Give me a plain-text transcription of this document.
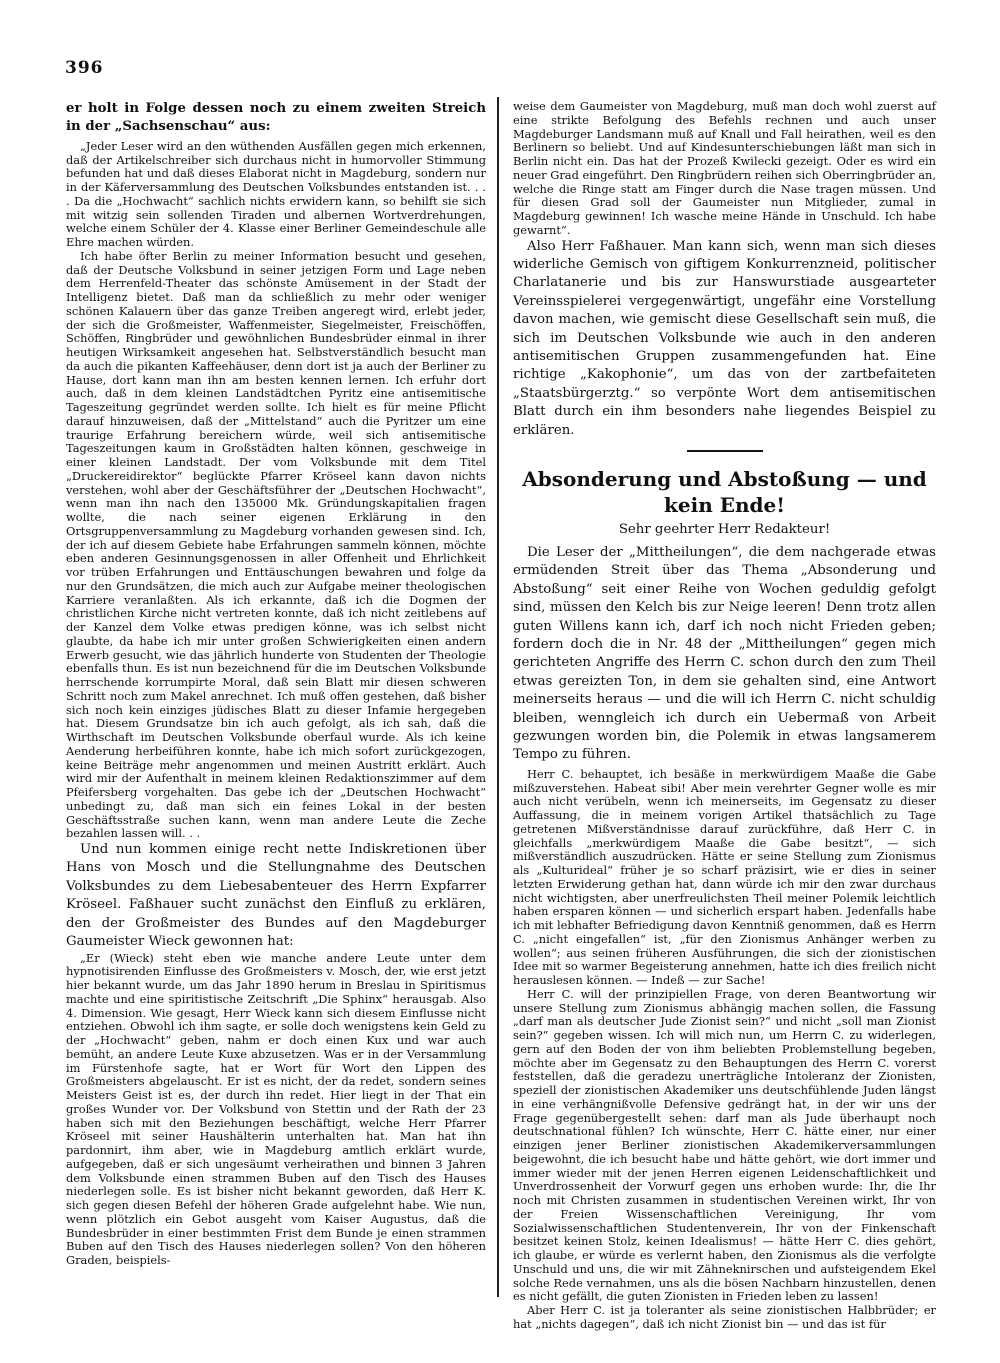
396

er holt in Folge dessen noch zu einem zweiten Streich in der „Sachsenschau“ aus:

„Jeder Leser wird an den wüthenden Ausfällen gegen mich erkennen, daß der Artikelschreiber sich durchaus nicht in humorvoller Stimmung befunden hat und daß dieses Elaborat nicht in Magdeburg, sondern nur in der Käferversammlung des Deutschen Volksbundes entstanden ist. . . . Da die „Hochwacht“ sachlich nichts erwidern kann, so behilft sie sich mit witzig sein sollenden Tiraden und albernen Wortverdrehungen, welche einem Schüler der 4. Klasse einer Berliner Gemeindeschule alle Ehre machen würden.

Ich habe öfter Berlin zu meiner Information besucht und gesehen, daß der Deutsche Volksbund in seiner jetzigen Form und Lage neben dem Herrenfeld-Theater das schönste Amüsement in der Stadt der Intelligenz bietet. Daß man da schließlich zu mehr oder weniger schönen Kalauern über das ganze Treiben angeregt wird, erlebt jeder, der sich die Großmeister, Waffenmeister, Siegelmeister, Freischöffen, Schöffen, Ringbrüder und gewöhnlichen Bundesbrüder einmal in ihrer heutigen Wirksamkeit angesehen hat. Selbstverständlich besucht man da auch die pikanten Kaffeehäuser, denn dort ist ja auch der Berliner zu Hause, dort kann man ihn am besten kennen lernen. Ich erfuhr dort auch, daß in dem kleinen Landstädtchen Pyritz eine antisemitische Tageszeitung gegründet werden sollte. Ich hielt es für meine Pflicht darauf hinzuweisen, daß der „Mittelstand“ auch die Pyritzer um eine traurige Erfahrung bereichern würde, weil sich antisemitische Tageszeitungen kaum in Großstädten halten können, geschweige in einer kleinen Landstadt. Der vom Volksbunde mit dem Titel „Druckereidirektor“ beglückte Pfarrer Kröseel kann davon nichts verstehen, wohl aber der Geschäftsführer der „Deutschen Hochwacht“, wenn man ihn nach den 135000 Mk. Gründungskapitalien fragen wollte, die nach seiner eigenen Erklärung in den Ortsgruppenversammlung zu Magdeburg vorhanden gewesen sind. Ich, der ich auf diesem Gebiete habe Erfahrungen sammeln können, möchte eben anderen Gesinnungsgenossen in aller Offenheit und Ehrlichkeit vor trüben Erfahrungen und Enttäuschungen bewahren und folge da nur den Grundsätzen, die mich auch zur Aufgabe meiner theologischen Karriere veranlaßten. Als ich erkannte, daß ich die Dogmen der christlichen Kirche nicht vertreten konnte, daß ich nicht zeitlebens auf der Kanzel dem Volke etwas predigen könne, was ich selbst nicht glaubte, da habe ich mir unter großen Schwierigkeiten einen andern Erwerb gesucht, wie das jährlich hunderte von Studenten der Theologie ebenfalls thun. Es ist nun bezeichnend für die im Deutschen Volksbunde herrschende korrumpirte Moral, daß sein Blatt mir diesen schweren Schritt noch zum Makel anrechnet. Ich muß offen gestehen, daß bisher sich noch kein einziges jüdisches Blatt zu dieser Infamie hergegeben hat. Diesem Grundsatze bin ich auch gefolgt, als ich sah, daß die Wirthschaft im Deutschen Volksbunde oberfaul wurde. Als ich keine Aenderung herbeiführen konnte, habe ich mich sofort zurückgezogen, keine Beiträge mehr angenommen und meinen Austritt erklärt. Auch wird mir der Aufenthalt in meinem kleinen Redaktionszimmer auf dem Pfeifersberg vorgehalten. Das gebe ich der „Deutschen Hochwacht“ unbedingt zu, daß man sich ein feines Lokal in der besten Geschäftsstraße suchen kann, wenn man andere Leute die Zeche bezahlen lassen will. . .

Und nun kommen einige recht nette Indiskretionen über Hans von Mosch und die Stellungnahme des Deutschen Volksbundes zu dem Liebesabenteuer des Herrn Expfarrer Kröseel. Faßhauer sucht zunächst den Einfluß zu erklären, den der Großmeister des Bundes auf den Magdeburger Gaumeister Wieck gewonnen hat:

„Er (Wieck) steht eben wie manche andere Leute unter dem hypnotisirenden Einflusse des Großmeisters v. Mosch, der, wie erst jetzt hier bekannt wurde, um das Jahr 1890 herum in Breslau in Spiritismus machte und eine spiritistische Zeitschrift „Die Sphinx“ herausgab. Also 4. Dimension. Wie gesagt, Herr Wieck kann sich diesem Einflusse nicht entziehen. Obwohl ich ihm sagte, er solle doch wenigstens kein Geld zu der „Hochwacht“ geben, nahm er doch einen Kux und war auch bemüht, an andere Leute Kuxe abzusetzen. Was er in der Versammlung im Fürstenhofe sagte, hat er Wort für Wort den Lippen des Großmeisters abgelauscht. Er ist es nicht, der da redet, sondern seines Meisters Geist ist es, der durch ihn redet. Hier liegt in der That ein großes Wunder vor. Der Volksbund von Stettin und der Rath der 23 haben sich mit den Beziehungen beschäftigt, welche Herr Pfarrer Kröseel mit seiner Haushälterin unterhalten hat. Man hat ihn pardonnirt, ihm aber, wie in Magdeburg amtlich erklärt wurde, aufgegeben, daß er sich ungesäumt verheirathen und binnen 3 Jahren dem Volksbunde einen strammen Buben auf den Tisch des Hauses niederlegen solle. Es ist bisher nicht bekannt geworden, daß Herr K. sich gegen diesen Befehl der höheren Grade aufgelehnt habe. Wie nun, wenn plötzlich ein Gebot ausgeht vom Kaiser Augustus, daß die Bundesbrüder in einer bestimmten Frist dem Bunde je einen strammen Buben auf den Tisch des Hauses niederlegen sollen? Von den höheren Graden, beispiels-

weise dem Gaumeister von Magdeburg, muß man doch wohl zuerst auf eine strikte Befolgung des Befehls rechnen und auch unser Magdeburger Landsmann muß auf Knall und Fall heirathen, weil es den Berlinern so beliebt. Und auf Kindesunterschiebungen läßt man sich in Berlin nicht ein. Das hat der Prozeß Kwilecki gezeigt. Oder es wird ein neuer Grad eingeführt. Den Ringbrüdern reihen sich Oberringbrüder an, welche die Ringe statt am Finger durch die Nase tragen müssen. Und für diesen Grad soll der Gaumeister nun Mitglieder, zumal in Magdeburg gewinnen! Ich wasche meine Hände in Unschuld. Ich habe gewarnt“.

Also Herr Faßhauer. Man kann sich, wenn man sich dieses widerliche Gemisch von giftigem Konkurrenzneid, politischer Charlatanerie und bis zur Hanswurstiade ausgearteter Vereinsspielerei vergegenwärtigt, ungefähr eine Vorstellung davon machen, wie gemischt diese Gesellschaft sein muß, die sich im Deutschen Volksbunde wie auch in den anderen antisemitischen Gruppen zusammengefunden hat. Eine richtige „Kakophonie“, um das von der zartbefaiteten „Staatsbürgerztg.“ so verpönte Wort dem antisemitischen Blatt durch ein ihm besonders nahe liegendes Beispiel zu erklären.

Absonderung und Abstoßung — und kein Ende!
Sehr geehrter Herr Redakteur!

Die Leser der „Mittheilungen“, die dem nachgerade etwas ermüdenden Streit über das Thema „Absonderung und Abstoßung“ seit einer Reihe von Wochen geduldig gefolgt sind, müssen den Kelch bis zur Neige leeren! Denn trotz allen guten Willens kann ich, darf ich noch nicht Frieden geben; fordern doch die in Nr. 48 der „Mittheilungen“ gegen mich gerichteten Angriffe des Herrn C. schon durch den zum Theil etwas gereizten Ton, in dem sie gehalten sind, eine Antwort meinerseits heraus — und die will ich Herrn C. nicht schuldig bleiben, wenngleich ich durch ein Uebermaß von Arbeit gezwungen worden bin, die Polemik in etwas langsamerem Tempo zu führen.

Herr C. behauptet, ich besäße in merkwürdigem Maaße die Gabe mißzuverstehen. Habeat sibi! Aber mein verehrter Gegner wolle es mir auch nicht verübeln, wenn ich meinerseits, im Gegensatz zu dieser Auffassung, die in meinem vorigen Artikel thatsächlich zu Tage getretenen Mißverständnisse darauf zurückführe, daß Herr C. in gleichfalls „merkwürdigem Maaße die Gabe besitzt“, — sich mißverständlich auszudrücken. Hätte er seine Stellung zum Zionismus als „Kulturideal“ früher je so scharf präzisirt, wie er dies in seiner letzten Erwiderung gethan hat, dann würde ich mir den zwar durchaus nicht wichtigsten, aber unerfreulichsten Theil meiner Polemik leichtlich haben ersparen können — und sicherlich erspart haben. Jedenfalls habe ich mit lebhafter Befriedigung davon Kenntniß genommen, daß es Herrn C. „nicht eingefallen“ ist, „für den Zionismus Anhänger werben zu wollen“; aus seinen früheren Ausführungen, die sich der zionistischen Idee mit so warmer Begeisterung annehmen, hatte ich dies freilich nicht herauslesen können. — Indeß — zur Sache!

Herr C. will der prinzipiellen Frage, von deren Beantwortung wir unsere Stellung zum Zionismus abhängig machen sollen, die Fassung „darf man als deutscher Jude Zionist sein?“ und nicht „soll man Zionist sein?“ gegeben wissen. Ich will mich nun, um Herrn C. zu widerlegen, gern auf den Boden der von ihm beliebten Problemstellung begeben, möchte aber im Gegensatz zu den Behauptungen des Herrn C. vorerst feststellen, daß die geradezu unerträgliche Intoleranz der Zionisten, speziell der zionistischen Akademiker uns deutschfühlende Juden längst in eine verhängnißvolle Defensive gedrängt hat, in der wir uns der Frage gegenübergestellt sehen: darf man als Jude überhaupt noch deutschnational fühlen? Ich wünschte, Herr C. hätte einer, nur einer einzigen jener Berliner zionistischen Akademikerversammlungen beigewohnt, die ich besucht habe und hätte gehört, wie dort immer und immer wieder mit der jenen Herren eigenen Leidenschaftlichkeit und Unverdrossenheit der Vorwurf gegen uns erhoben wurde: Ihr, die Ihr noch mit Christen zusammen in studentischen Vereinen wirkt, Ihr von der Freien Wissenschaftlichen Vereinigung, Ihr vom Sozialwissenschaftlichen Studentenverein, Ihr von der Finkenschaft besitzet keinen Stolz, keinen Idealismus! — hätte Herr C. dies gehört, ich glaube, er würde es verlernt haben, den Zionismus als die verfolgte Unschuld und uns, die wir mit Zähneknirschen und aufsteigendem Ekel solche Rede vernahmen, uns als die bösen Nachbarn hinzustellen, denen es nicht gefällt, die guten Zionisten in Frieden leben zu lassen!

Aber Herr C. ist ja toleranter als seine zionistischen Halbbrüder; er hat „nichts dagegen“, daß ich nicht Zionist bin — und das ist für
